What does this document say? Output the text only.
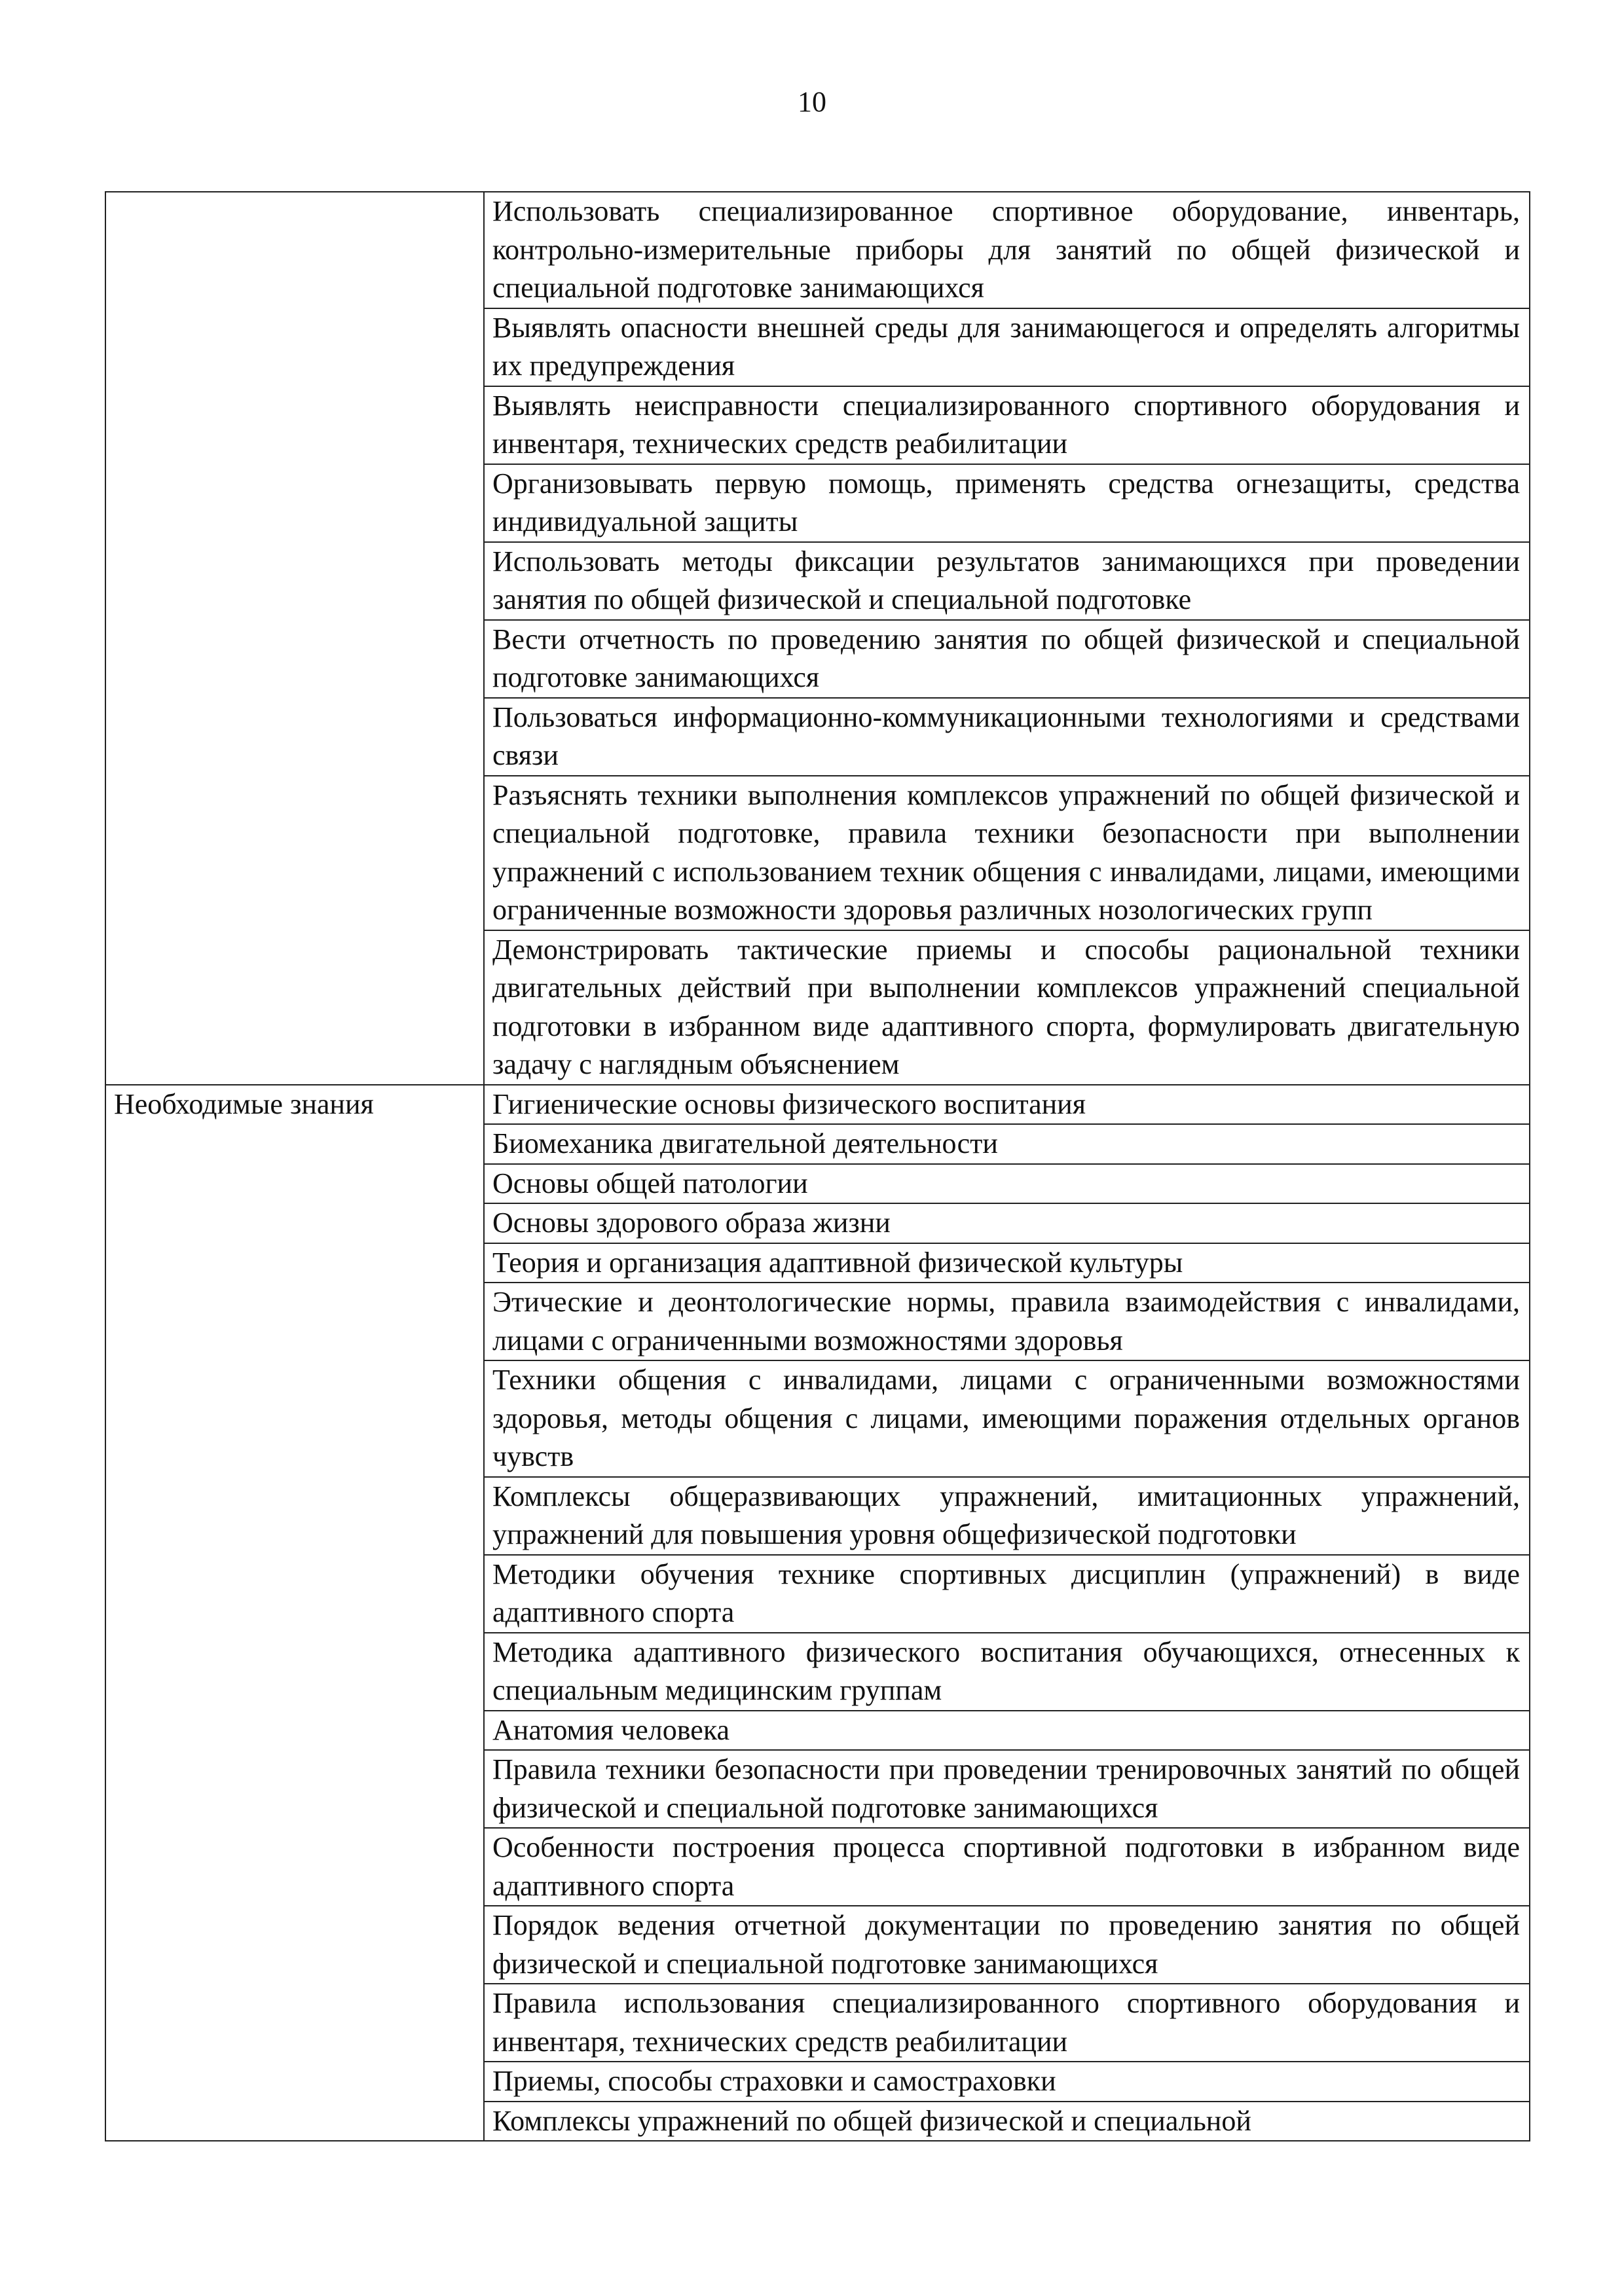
10
	Использовать специализированное спортивное оборудование, инвентарь, контрольно-измерительные приборы для занятий по общей физической и специальной подготовке занимающихся
	Выявлять опасности внешней среды для занимающегося и определять алгоритмы их предупреждения
	Выявлять неисправности специализированного спортивного оборудования и инвентаря, технических средств реабилитации
	Организовывать первую помощь, применять средства огнезащиты, средства индивидуальной защиты
	Использовать методы фиксации результатов занимающихся при проведении занятия по общей физической и специальной подготовке
	Вести отчетность по проведению занятия по общей физической и специальной подготовке занимающихся
	Пользоваться информационно-коммуникационными технологиями и средствами связи
	Разъяснять техники выполнения комплексов упражнений по общей физической и специальной подготовке, правила техники безопасности при выполнении упражнений с использованием техник общения с инвалидами, лицами, имеющими ограниченные возможности здоровья различных нозологических групп
	Демонстрировать тактические приемы и способы рациональной техники двигательных действий при выполнении комплексов упражнений специальной подготовки в избранном виде адаптивного спорта, формулировать двигательную задачу с наглядным объяснением
Необходимые знания	Гигиенические основы физического воспитания
	Биомеханика двигательной деятельности
	Основы общей патологии
	Основы здорового образа жизни
	Теория и организация адаптивной физической культуры
	Этические и деонтологические нормы, правила взаимодействия с инвалидами, лицами с ограниченными возможностями здоровья
	Техники общения с инвалидами, лицами с ограниченными возможностями здоровья, методы общения с лицами, имеющими поражения отдельных органов чувств
	Комплексы общеразвивающих упражнений, имитационных упражнений, упражнений для повышения уровня общефизической подготовки
	Методики обучения технике спортивных дисциплин (упражнений) в виде адаптивного спорта
	Методика адаптивного физического воспитания обучающихся, отнесенных к специальным медицинским группам
	Анатомия человека
	Правила техники безопасности при проведении тренировочных занятий по общей физической и специальной подготовке занимающихся
	Особенности построения процесса спортивной подготовки в избранном виде адаптивного спорта
	Порядок ведения отчетной документации по проведению занятия по общей физической и специальной подготовке занимающихся
	Правила использования специализированного спортивного оборудования и инвентаря, технических средств реабилитации
	Приемы, способы страховки и самостраховки
	Комплексы упражнений по общей физической и специальной
